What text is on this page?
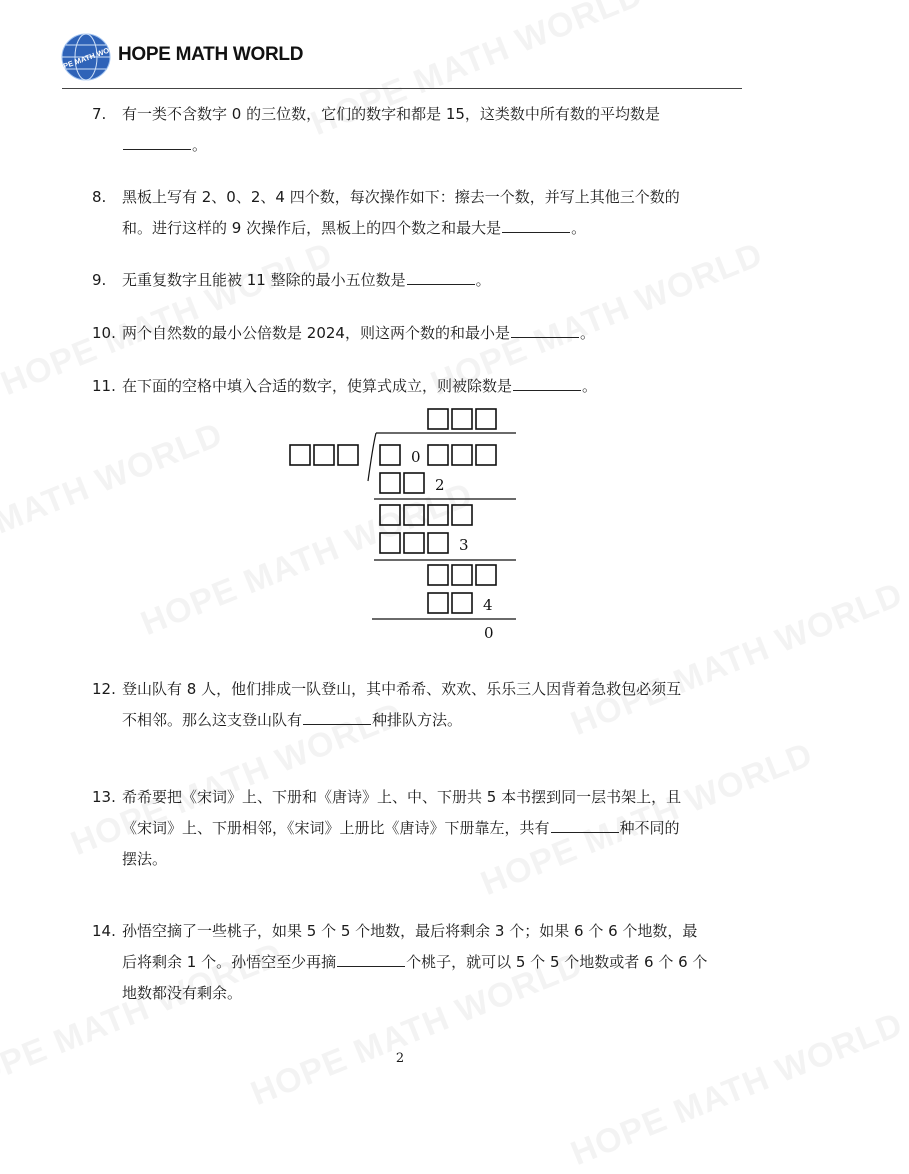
HOPE MATH WORLD
HOPE MATH WORLD
7. 有一类不含数字 0 的三位数，它们的数字和都是 15，这类数中所有数的平均数是
。
8. 黑板上写有 2、0、2、4 四个数，每次操作如下：擦去一个数，并写上其他三个数的
和。进行这样的 9 次操作后，黑板上的四个数之和最大是	。
9. 无重复数字且能被 11 整除的最小五位数是	。
10. 两个自然数的最小公倍数是 2024，则这两个数的和最小是	。
11. 在下面的空格中填入合适的数字，使算式成立，则被除数是	。
0
2
3
4
0
12. 登山队有 8 人，他们排成一队登山，其中希希、欢欢、乐乐三人因背着急救包必须互
不相邻。那么这支登山队有	种排队方法。
13. 希希要把《宋词》上、下册和《唐诗》上、中、下册共 5 本书摆到同一层书架上，且
《宋词》上、下册相邻，《宋词》上册比《唐诗》下册靠左，共有	种不同的
摆法。
14. 孙悟空摘了一些桃子，如果 5 个 5 个地数，最后将剩余 3 个；如果 6 个 6 个地数，最
后将剩余 1 个。孙悟空至少再摘	个桃子，就可以 5 个 5 个地数或者 6 个 6 个
地数都没有剩余。
2
